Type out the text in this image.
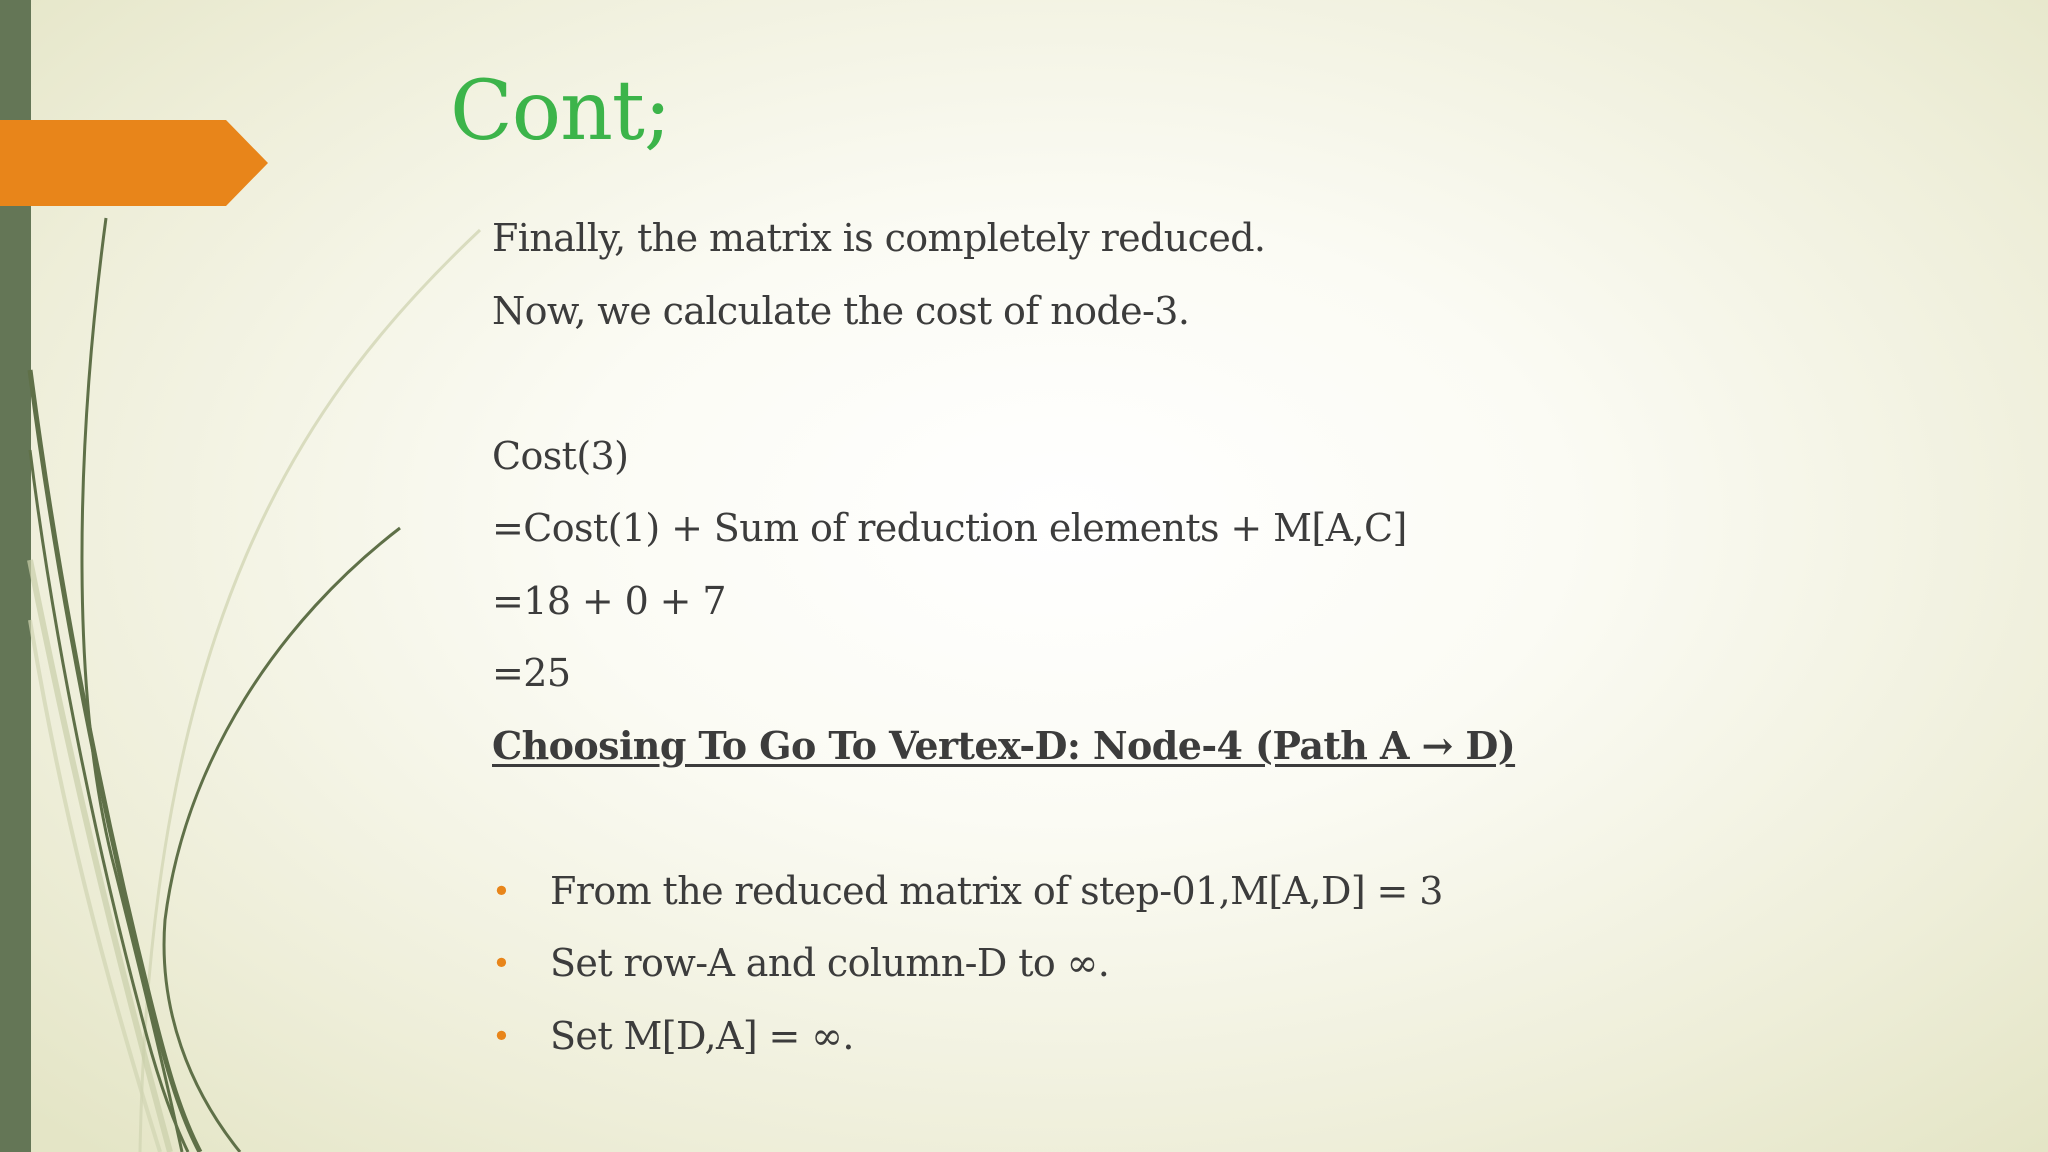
Cont;
Finally, the matrix is completely reduced.
Now, we calculate the cost of node-3.
Cost(3)
=Cost(1) + Sum of reduction elements + M[A,C]
=18 + 0 + 7
=25
Choosing To Go To Vertex-D: Node-4 (Path A → D)
• From the reduced matrix of step-01,M[A,D] = 3
• Set row-A and column-D to ∞.
• Set M[D,A] = ∞.
